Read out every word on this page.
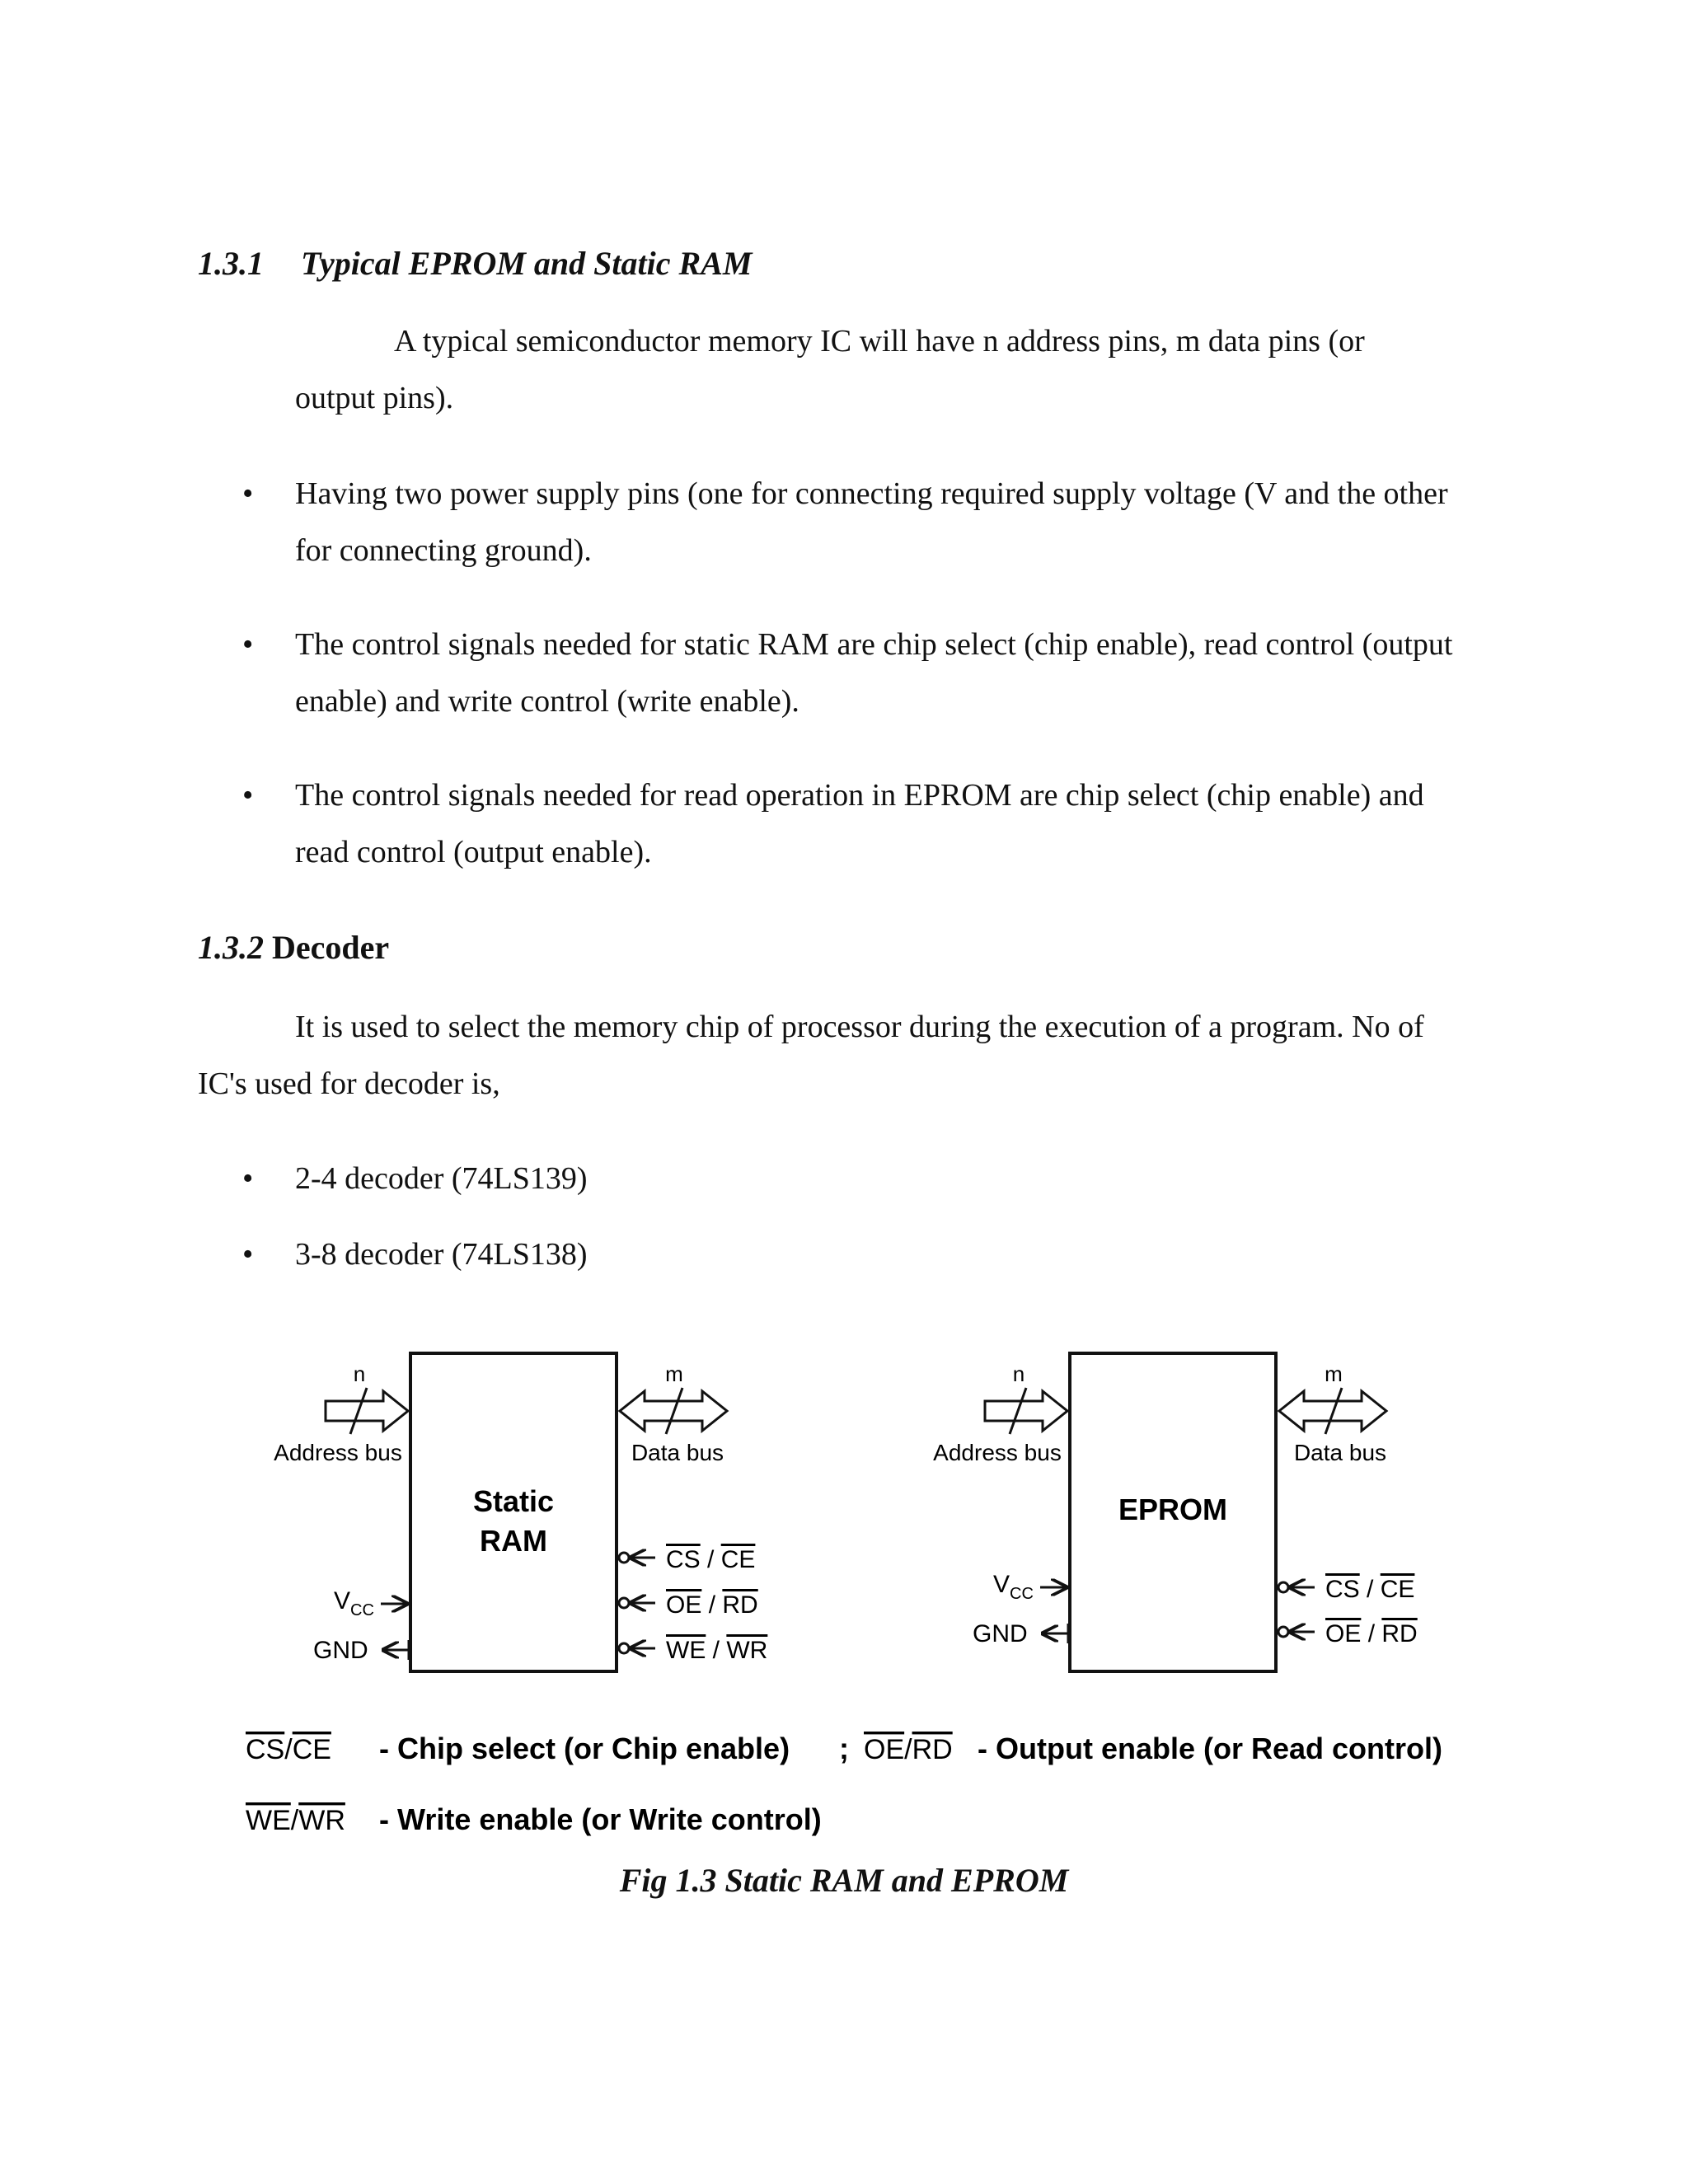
1.3.1 Typical EPROM and Static RAM

A typical semiconductor memory IC will have n address pins, m data pins (or output pins).

• Having two power supply pins (one for connecting required supply voltage (V and the other for connecting ground).
• The control signals needed for static RAM are chip select (chip enable), read control (output enable) and write control (write enable).
• The control signals needed for read operation in EPROM are chip select (chip enable) and read control (output enable).
1.3.2 Decoder

It is used to select the memory chip of processor during the execution of a program. No of IC's used for decoder is,

• 2-4 decoder (74LS139)
• 3-8 decoder (74LS138)
Static
RAM
n
Address bus
m
Data bus
$V_{CC}$
GND
CS / CE
OE / RD
WE / WR
EPROM
n
Address bus
m
Data bus
$V_{CC}$
GND
CS / CE
OE / RD
CS/CE - Chip select (or Chip enable) ; OE/RD - Output enable (or Read control)
WE/WR - Write enable (or Write control)

Fig 1.3 Static RAM and EPROM
